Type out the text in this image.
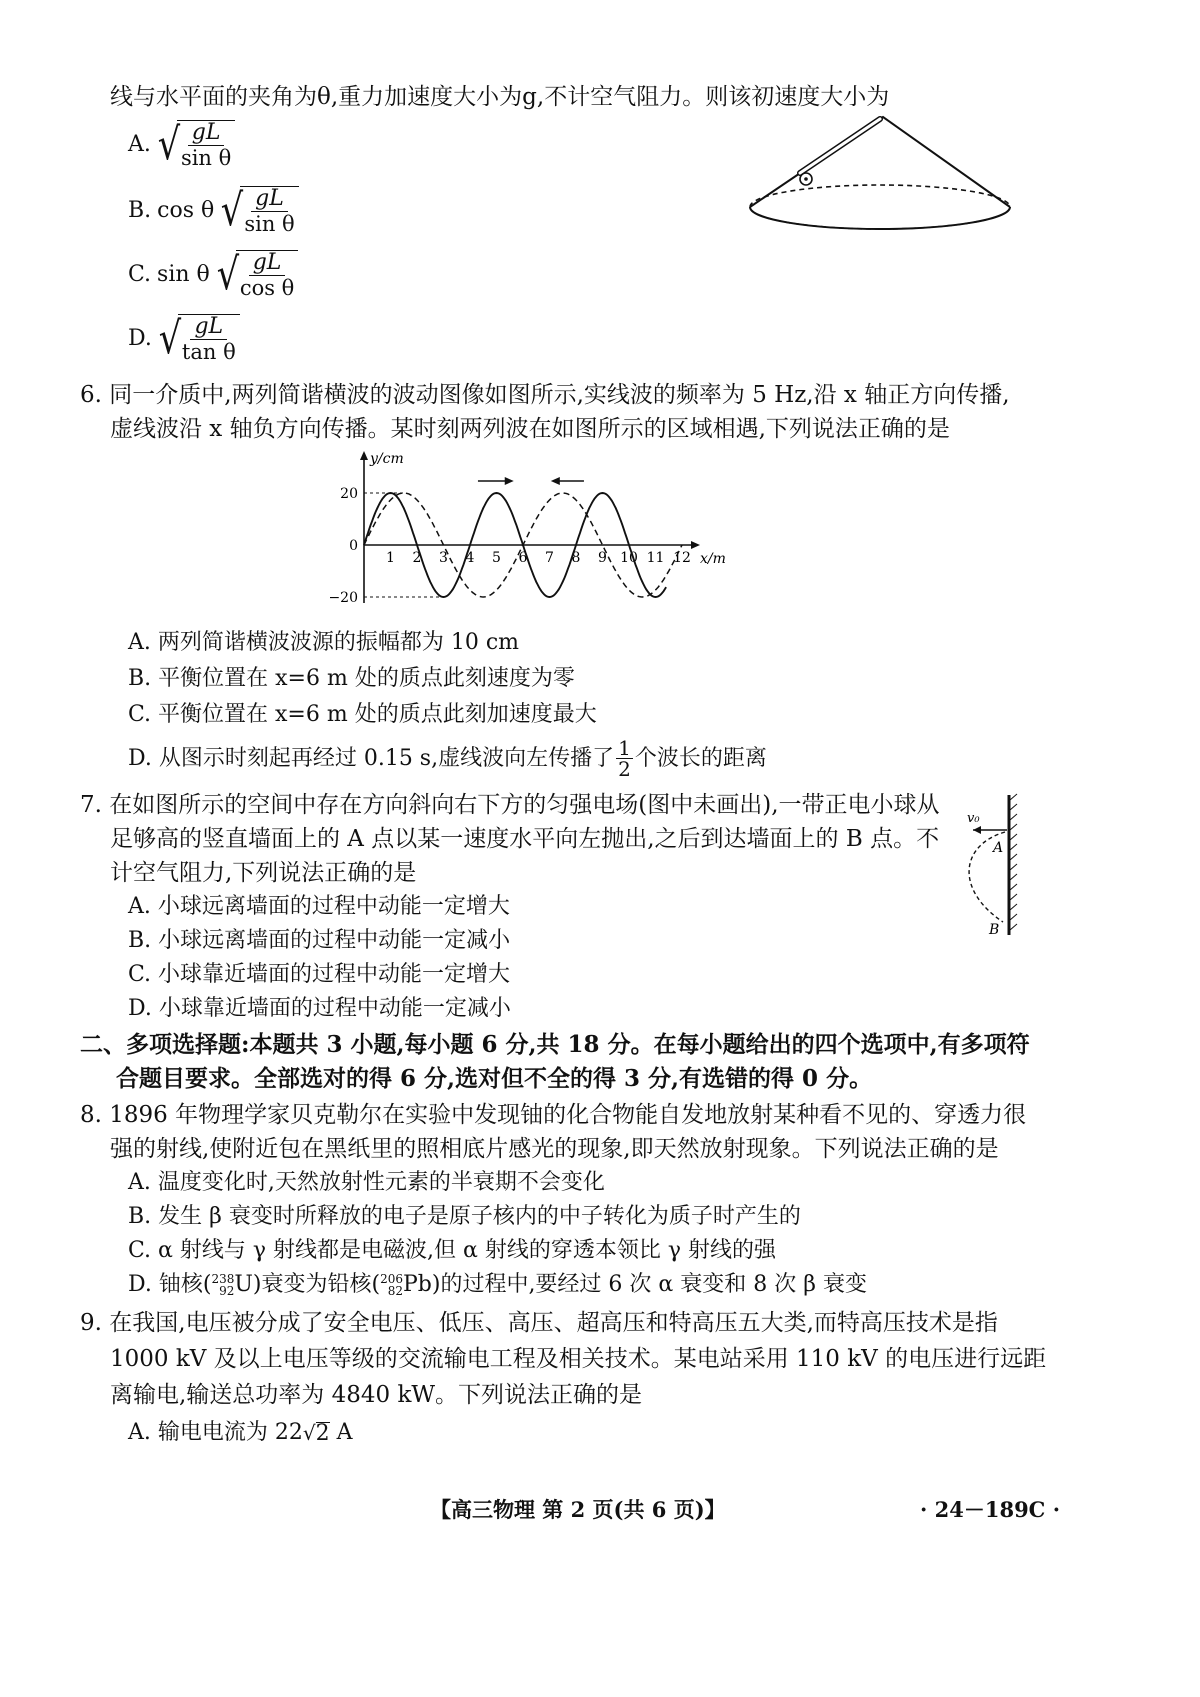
线与水平面的夹角为θ,重力加速度大小为g,不计空气阻力。则该初速度大小为
A. √
$\frac{gL}{\text{sin θ}}$
B. cos θ √
$\frac{gL}{\text{sin θ}}$
C. sin θ √
$\frac{gL}{\text{cos θ}}$
D. √
$\frac{gL}{\text{tan θ}}$
6. 同一介质中,两列简谐横波的波动图像如图所示,实线波的频率为 5 Hz,沿 x 轴正方向传播,
虚线波沿 x 轴负方向传播。某时刻两列波在如图所示的区域相遇,下列说法正确的是
y/cm
x/m
20
0
−20
1 2 3 4 5 6 7 8 9 10 11 12
A. 两列简谐横波波源的振幅都为 10 cm
B. 平衡位置在 x=6 m 处的质点此刻速度为零
C. 平衡位置在 x=6 m 处的质点此刻加速度最大
D. 从图示时刻起再经过 0.15 s,虚线波向左传播了 $\frac{1}{2}$ 个波长的距离
7. 在如图所示的空间中存在方向斜向右下方的匀强电场(图中未画出),一带正电小球从
足够高的竖直墙面上的 A 点以某一速度水平向左抛出,之后到达墙面上的 B 点。不
计空气阻力,下列说法正确的是
A. 小球远离墙面的过程中动能一定增大
B. 小球远离墙面的过程中动能一定减小
C. 小球靠近墙面的过程中动能一定增大
D. 小球靠近墙面的过程中动能一定减小
v₀
A
B
二、多项选择题:本题共 3 小题,每小题 6 分,共 18 分。在每小题给出的四个选项中,有多项符
合题目要求。全部选对的得 6 分,选对但不全的得 3 分,有选错的得 0 分。
8. 1896 年物理学家贝克勒尔在实验中发现铀的化合物能自发地放射某种看不见的、穿透力很
强的射线,使附近包在黑纸里的照相底片感光的现象,即天然放射现象。下列说法正确的是
A. 温度变化时,天然放射性元素的半衰期不会变化
B. 发生 β 衰变时所释放的电子是原子核内的中子转化为质子时产生的
C. α 射线与 γ 射线都是电磁波,但 α 射线的穿透本领比 γ 射线的强
D. 铀核( 238
92 U )衰变为铅核( 206
82 Pb )的过程中,要经过 6 次 α 衰变和 8 次 β 衰变
9. 在我国,电压被分成了安全电压、低压、高压、超高压和特高压五大类,而特高压技术是指
1000 kV 及以上电压等级的交流输电工程及相关技术。某电站采用 110 kV 的电压进行远距
离输电,输送总功率为 4840 kW。下列说法正确的是
A. 输电电流为 22 √ 2 A
【高三物理 第 2 页(共 6 页)】	· 24－189C ·
